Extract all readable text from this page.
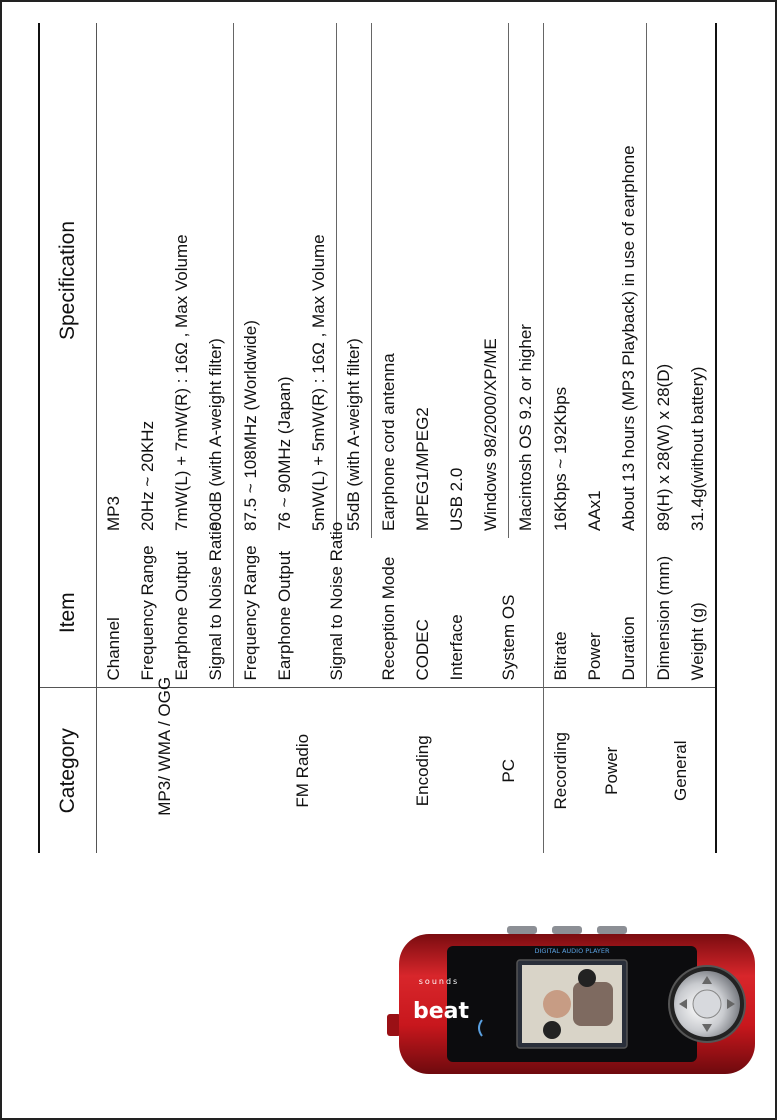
Category	Item	Specification
MP3/ WMA / OGG	Channel	MP3
	Frequency Range	20Hz ~ 20KHz
	Earphone Output	7mW(L) + 7mW(R) : 16Ω , Max Volume
	Signal to Noise Ratio	90dB (with A-weight filter)
FM Radio	Frequency Range	87.5 ~ 108MHz (Worldwide)
	Earphone Output	76 ~ 90MHz (Japan)
	Signal to Noise Ratio	5mW(L) + 5mW(R) : 16Ω , Max Volume
		55dB (with A-weight filter)
Encoding	Reception Mode	Earphone cord antenna
	CODEC	MPEG1/MPEG2
	Interface	USB 2.0
PC	System OS	Windows 98/2000/XP/ME
		Macintosh OS 9.2 or higher
Recording	Bitrate	16Kbps ~ 192Kbps
Power	Power	AAx1
	Duration	About 13 hours (MP3 Playback) in use of earphone
General	Dimension (mm)	89(H) x 28(W) x 28(D)
	Weight (g)	31.4g(without battery)
beat
sounds
DIGITAL AUDIO PLAYER
